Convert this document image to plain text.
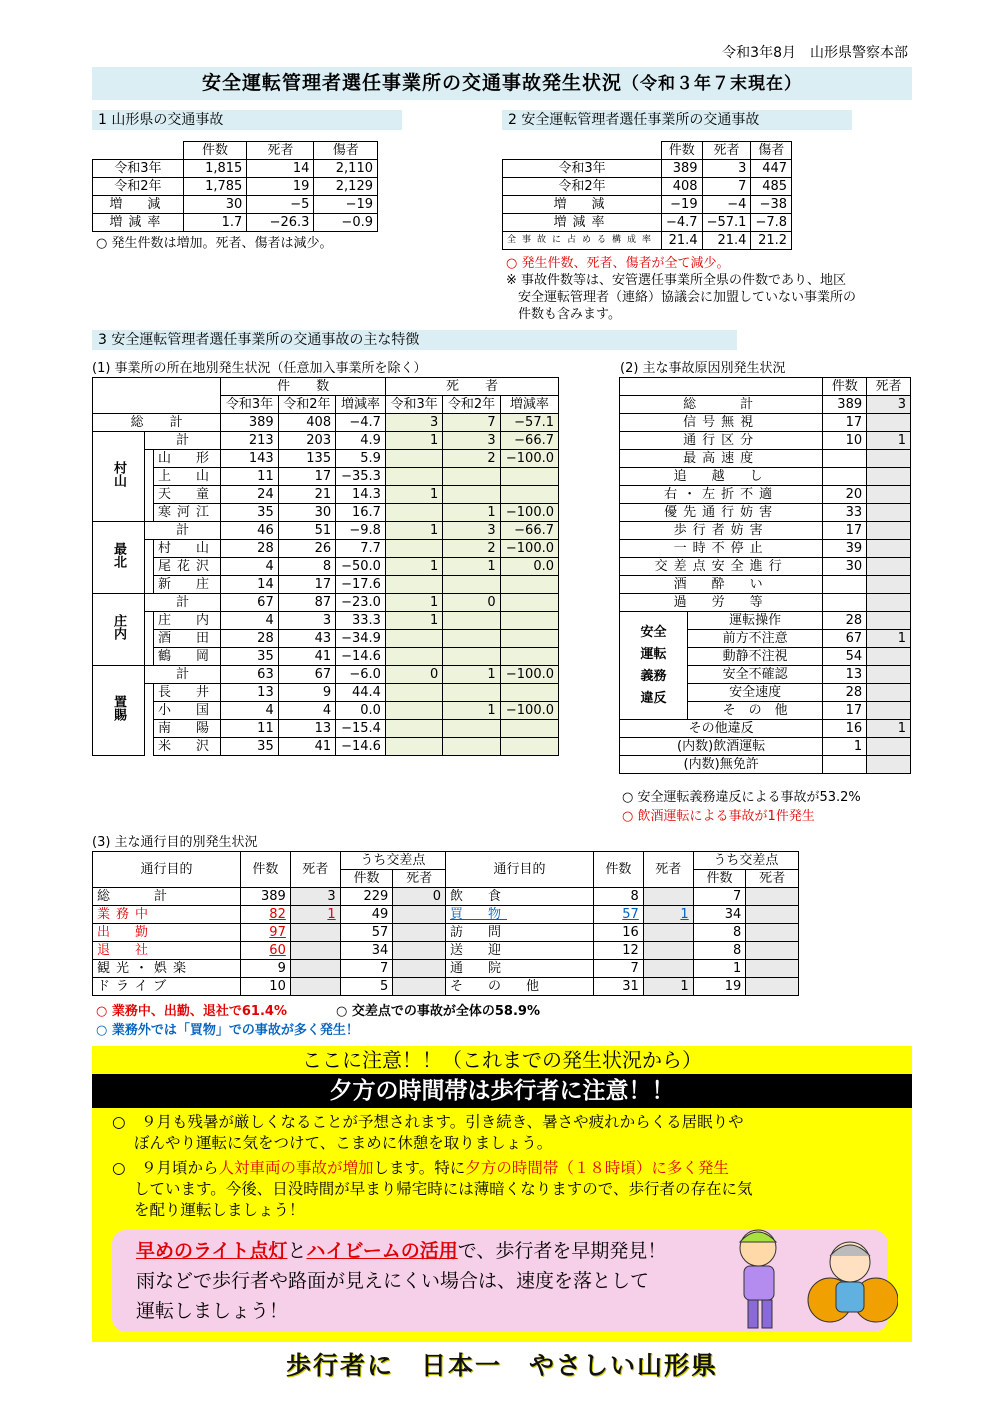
令和3年8月　山形県警察本部
安全運転管理者選任事業所の交通事故発生状況（令和３年７末現在）
1 山形県の交通事故
	件数	死者	傷者
令和3年	1,815	14	2,110
令和2年	1,785	19	2,129
増　減	30	−5	−19
増減率	1.7	−26.3	−0.9
○ 発生件数は増加。死者、傷者は減少。
2 安全運転管理者選任事業所の交通事故
	件数	死者	傷者
令和3年	389	3	447
令和2年	408	7	485
増　減	−19	−4	−38
増減率	−4.7	−57.1	−7.8
全事故に占める構成率	21.4	21.4	21.2
○ 発生件数、死者、傷者が全て減少。
※ 事故件数等は、安管選任事業所全県の件数であり、地区
安全運転管理者（連絡）協議会に加盟していない事業所の
件数も含みます。
3 安全運転管理者選任事業所の交通事故の主な特徴
(1) 事業所の所在地別発生状況（任意加入事業所を除く）
			件　　数			死　　者		
			令和3年	令和2年	増減率	令和3年	令和2年	増減率
総　　計			389	408	−4.7	3	7	−57.1
村山	計		213	203	4.9	1	3	−66.7
		山　形	143	135	5.9		2	−100.0
		上　山	11	17	−35.3			
		天　童	24	21	14.3	1		
		寒河江	35	30	16.7		1	−100.0
最北	計		46	51	−9.8	1	3	−66.7
		村　山	28	26	7.7		2	−100.0
		尾花沢	4	8	−50.0	1	1	0.0
		新　庄	14	17	−17.6			
庄内	計		67	87	−23.0	1	0	
		庄　内	4	3	33.3	1		
		酒　田	28	43	−34.9			
		鶴　岡	35	41	−14.6			
置賜	計		63	67	−6.0	0	1	−100.0
		長　井	13	9	44.4			
		小　国	4	4	0.0		1	−100.0
		南　陽	11	13	−15.4			
		米　沢	35	41	−14.6			
(2) 主な事故原因別発生状況
		件数	死者
総　　計		389	3
信号無視		17	
通行区分		10	1
最高速度			
追　越　し			
右・左折不適		20	
優先通行妨害		33	
歩行者妨害		17	
一時不停止		39	
交差点安全進行		30	
酒　酔　い			
過　労　等			
安全運転義務違反	運転操作	28	
	前方不注意	67	1
	動静不注視	54	
	安全不確認	13	
	安全速度	28	
	そ　の　他	17	
その他違反		16	1
(内数)飲酒運転		1	
(内数)無免許			
○ 安全運転義務違反による事故が53.2%
○ 飲酒運転による事故が1件発生
(3) 主な通行目的別発生状況
通行目的	件数	死者	うち交差点		通行目的	件数	死者	うち交差点	
			件数	死者				件数	死者
総　　計	389	3	229	0	飲　食	8		7	
業務中	82	1	49		買　物	57	1	34	
出　勤	97		57		訪　問	16		8	
退　社	60		34		送　迎	12		8	
観光・娯楽	9		7		通　院	7		1	
ドライブ	10		5		そ　の　他	31	1	19	
○ 業務中、出勤、退社で61.4%	○ 交差点での事故が全体の58.9%
○ 業務外では「買物」での事故が多く発生！
ここに注意！！（これまでの発生状況から）
夕方の時間帯は歩行者に注意！！
○　９月も残暑が厳しくなることが予想されます。引き続き、暑さや疲れからくる居眠りや
ぼんやり運転に気をつけて、こまめに休憩を取りましょう。
○　９月頃から人対車両の事故が増加します。特に夕方の時間帯（１８時頃）に多く発生
しています。今後、日没時間が早まり帰宅時には薄暗くなりますので、歩行者の存在に気
を配り運転しましょう！
早めのライト点灯とハイビームの活用で、歩行者を早期発見！
雨などで歩行者や路面が見えにくい場合は、速度を落として
運転しましょう！
歩行者に　日本一　やさしい山形県
